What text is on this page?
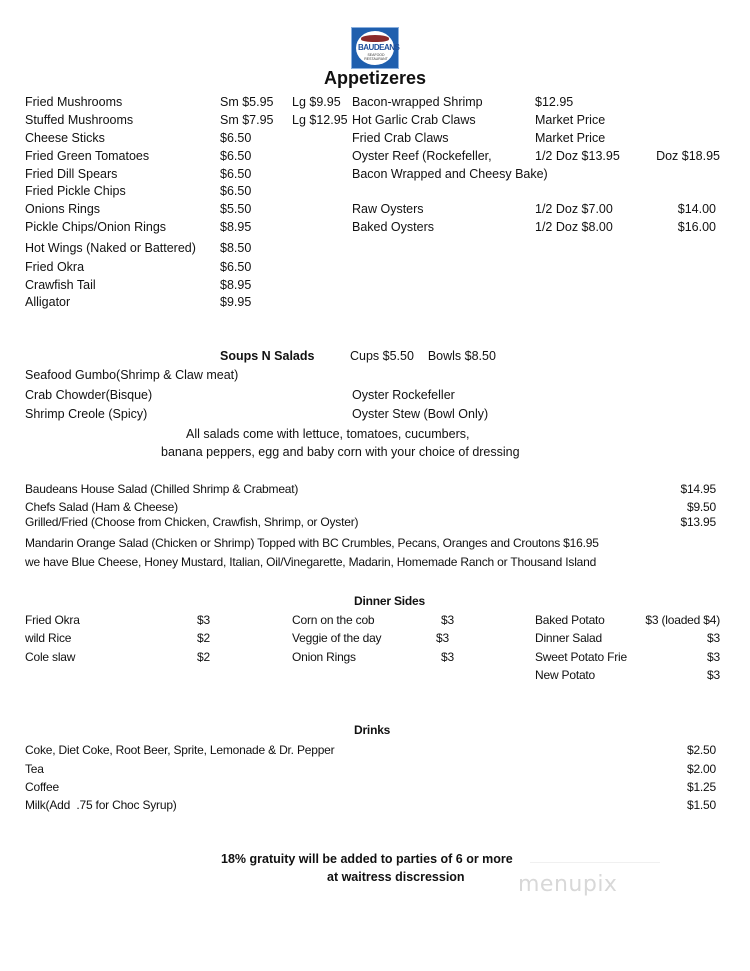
BAUDEANS
SEAFOOD RESTAURANT
Appetizeres
Fried Mushrooms	Sm $5.95 Lg $9.95
Stuffed Mushrooms	Sm $7.95 Lg $12.95
Cheese Sticks	$6.50
Fried Green Tomatoes	$6.50
Fried Dill Spears	$6.50
Fried Pickle Chips	$6.50
Onions Rings	$5.50
Pickle Chips/Onion Rings	$8.95
Hot Wings (Naked or Battered) $8.50
Fried Okra	$6.50
Crawfish Tail	$8.95
Alligator	$9.95
Bacon-wrapped Shrimp	$12.95
Hot Garlic Crab Claws	Market Price
Fried Crab Claws	Market Price
Oyster Reef (Rockefeller,	1/2 Doz $13.95	Doz $18.95
Bacon Wrapped and Cheesy Bake)
Raw Oysters	1/2 Doz $7.00	$14.00
Baked Oysters	1/2 Doz $8.00	$16.00
Soups N Salads	Cups $5.50    Bowls $8.50
Seafood Gumbo(Shrimp & Claw meat)
Crab Chowder(Bisque)
Shrimp Creole (Spicy)
Oyster Rockefeller
Oyster Stew (Bowl Only)
All salads come with lettuce, tomatoes, cucumbers,
banana peppers, egg and baby corn with your choice of dressing
Baudeans House Salad (Chilled Shrimp & Crabmeat)	$14.95
Chefs Salad (Ham & Cheese)	$9.50
Grilled/Fried (Choose from Chicken, Crawfish, Shrimp, or Oyster)	$13.95
Mandarin Orange Salad (Chicken or Shrimp) Topped with BC Crumbles, Pecans, Oranges and Croutons $16.95
we have Blue Cheese, Honey Mustard, Italian, Oil/Vinegarette, Madarin, Homemade Ranch or Thousand Island
Dinner Sides
Fried Okra	$3
wild Rice	$2
Cole slaw	$2
Corn on the cob	$3
Veggie of the day	$3
Onion Rings	$3
Baked Potato	$3 (loaded $4)
Dinner Salad	$3
Sweet Potato Frie	$3
New Potato	$3
Drinks
Coke, Diet Coke, Root Beer, Sprite, Lemonade & Dr. Pepper	$2.50
Tea	$2.00
Coffee	$1.25
Milk(Add  .75 for Choc Syrup)	$1.50
18% gratuity will be added to parties of 6 or more
at waitress discression menupix
